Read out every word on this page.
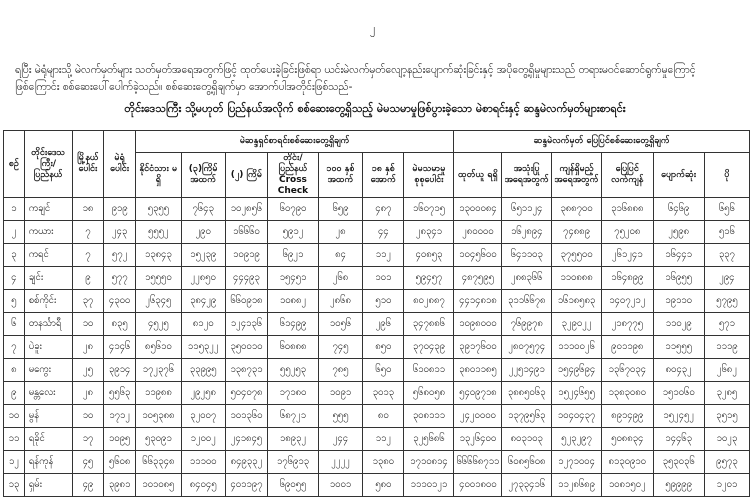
၂
ရပြီး မဲရုံများသို့ မဲလက်မှတ်များ သတ်မှတ်အရေအတွက်ဖြင့် ထုတ်ပေးခဲ့ခြင်းဖြစ်ရာ ယင်းမဲလက်မှတ်လျော့နည်းပျောက်ဆုံးခြင်းနှင့် အပိုတွေ့ရှိမှုများသည် တရားမဝင်ဆောင်ရွက်မှုကြောင့်
ဖြစ်ကြောင်း စစ်ဆေးပေါ်ပေါက်ခဲ့သည်။ စစ်ဆေးတွေ့ရှိချက်မှာ အောက်ပါအတိုင်းဖြစ်သည်-
တိုင်းဒေသကြီး သို့မဟုတ် ပြည်နယ်အလိုက် စစ်ဆေးတွေ့ရှိသည့် မဲမသမာမှုဖြစ်ပွားခဲ့သော မဲစာရင်းနှင့် ဆန္ဒမဲလက်မှတ်များစာရင်း
စဉ်	တိုင်းဒေသကြီး/ ပြည်နယ်	မြို့နယ် ပေါင်း	မဲရုံ ပေါင်း	မဲဆန္ဒရှင်စာရင်းစစ်ဆေးတွေ့ရှိချက်							ဆန္ဒမဲလက်မှတ် ပြေပြင်စစ်ဆေးတွေ့ရှိချက်					
				နိုင်ငံသား မရှိ	(၃)ကြိမ် အထက်	(၂) ကြိမ်	တိုင်း/ပြည်နယ် Cross Check	၁၀၀ နှစ် အထက်	၁၈ နှစ် အောက်	မဲမသမာမှု စုစုပေါင်း	ထုတ်ယူ ရရှိ	အသုံးပြု အရေအတွက်	ကျန်ရှိမည့် အရေအတွက်	ပြေပြင် လက်ကျန်	ပျောက်ဆုံး	ပို
၁	ကချင်	၁၈	၉၁၉	၅၃၅၅	၇၆၄၃	၁၀၂၈၅၆	၆၀၇၉၀	၆၅၉	၄၈၇	၁၆၀၇၁၅	၁၃၀၀၀၈၄	၆၅၁၁၂၄	၃၈၈၇၀၀	၃၁၆၈၈၈	၆၄၆၉	၆၅၆
၂	ကယား	၇	၂၄၃	၅၅၅၂	၂၉၀	၁၆၆၆၀	၅၉၁၂	၂၈	၄၄	၂၈၃၄၁	၂၈၀၀၀၀	၁၆၂၈၉၄	၇၄၈၈၉	၇၅၂၀၈	၂၅၉၈	၅၁၆
၃	ကရင်	၇	၅၇၂	၁၃၈၄၃	၁၅၂၃၉	၁၀၉၁၉	၆၉၂၁	၈၄	၁၁၂	၄၀၈၅၃	၁၀၄၅၆၀၀	၆၄၁၁၀၃	၃၇၅၅၀၀	၂၆၁၂၄၁	၁၆၄၄၁	၃၃၇
၄	ချင်း	၉	၅၇၇	၁၅၅၅၀	၂၂၈၅၀	၄၄၄၉၃	၁၅၄၅၁	၂၆၈	၁၀၁	၅၉၄၅၇	၄၈၇၅၉၅	၂၈၈၃၆၆	၁၁၀၈၈၈	၁၆၄၈၉၉	၁၆၉၅၅	၂၉၄
၅	စစ်ကိုင်း	၃၇	၄၃၀၀	၂၆၃၄၅	၃၈၄၂၉	၆၆၀၉၁၈	၁၀၈၈၂	၂၈၆၈	၅၁၀	၈၀၂၈၈၇	၄၄၁၄၈၁၈	၃၁၁၆၆၇၈	၁၆၁၈၅၈၃	၁၄၀၇၂၁၂	၁၉၁၁၀	၅၇၉၅
၆	တနင်္သာရီ	၁၀	၈၃၅	၄၅၂၅	၈၁၂၀	၁၂၄၁၃၆	၆၁၄၉၉	၁၀၅၆	၂၉၆	၃၄၇၈၈၆	၁၀၉၈၀၀၀	၇၆၉၉၇၈	၃၂၉၀၂၂	၂၁၈၇၇၅	၁၁၀၂၉	၅၇၁
၇	ပဲခူး	၂၈	၄၁၄၆	၈၅၆၁၀	၁၁၅၃၂၂	၃၅၀၀၁၀	၆၀၈၈၈	၇၄၅	၈၅၀	၃၇၀၄၃၉	၃၉၁၇၆၀၀	၂၈၀၇၅၇၄	၁၁၁၀၀၂၆	၉၀၁၁၉၈	၁၁၅၅၅	၁၁၁၉
၈	မကွေး	၂၅	၃၉၁၄	၁၇၂၃၇၆	၃၃၉၉၅	၁၃၈၇၃၁	၅၅၂၅၃	၇၈၅	၆၅၀	၆၁၀၈၁၁	၃၈၀၁၁၈၅	၂၂၅၁၄၉၁	၁၅၄၉၆၉၄	၁၃၆၇၀၃၄	၈၀၄၃၂	၂၆၈၂
၉	မန္တလေး	၂၈	၅၅၆၃	၁၁၉၈၈	၂၉၂၅၈	၅၀၄၀၇၈	၁၇၁၈၀	၁၀၉၁	၃၀၁၃	၅၆၈၀၅၈	၅၄၀၉၇၁၈	၃၈၈၅၀၆၃	၁၅၂၄၆၅၅	၁၃၈၃၀၈၀	၁၅၁၀၆၀	၃၂၈၅
၁၀	မွန်	၁၀	၁၇၁၂	၁၀၅၃၈၈	၃၂၀၀၇	၁၀၁၃၆၀	၆၈၇၂၁	၅၅၅	၈၀	၃၀၈၁၁၁	၂၄၂၀၀၀၀	၁၃၇၉၅၆၃	၁၀၄၀၄၃၇	၈၉၁၄၉၉	၁၅၂၄၅၂	၃၅၁၅
၁၁	ရခိုင်	၁၇	၁၀၉၅	၅၃၀၉၁	၁၂၀၀၂	၂၄၁၈၄၅	၁၈၉၃၂	၂၄၄	၁၁၂	၃၂၅၆၈၆	၁၃၂၆၄၀၀	၈၀၃၁၀၃	၅၂၃၂၉၇	၅၀၈၈၃၄	၁၄၄၆၃	၁၀၂၃
၁၂	ရန်ကုန်	၄၅	၅၆၀၈	၆၆၃၃၄၈	၁၁၁၀၀	၈၄၉၃၃၂	၁၇၆၉၁၃	၂၂၂၂	၁၃၈၀	၁၇၁၀၈၁၄	၆၆၆၆၈၇၁၁	၆၀၈၅၆၀၈	၁၂၇၁၀၀၄	၈၁၃၀၉၁၀	၃၅၃၀၃၆	၉၅၇၃
၁၃	ရှမ်း	၄၉	၃၉၈၁	၁၀၁၀၈၅	၈၄၀၄၅	၄၀၁၁၉၇	၆၉၀၅၅	၁၀၀၁	၅၈၀	၁၁၁၀၁၂၁	၄၀၀၁၈၀၀	၂၇၃၃၄၁၆	၁၁၂၈၆၈၉	၁၀၈၁၅၀၂	၅၉၉၉၉	၁၂၀၁
